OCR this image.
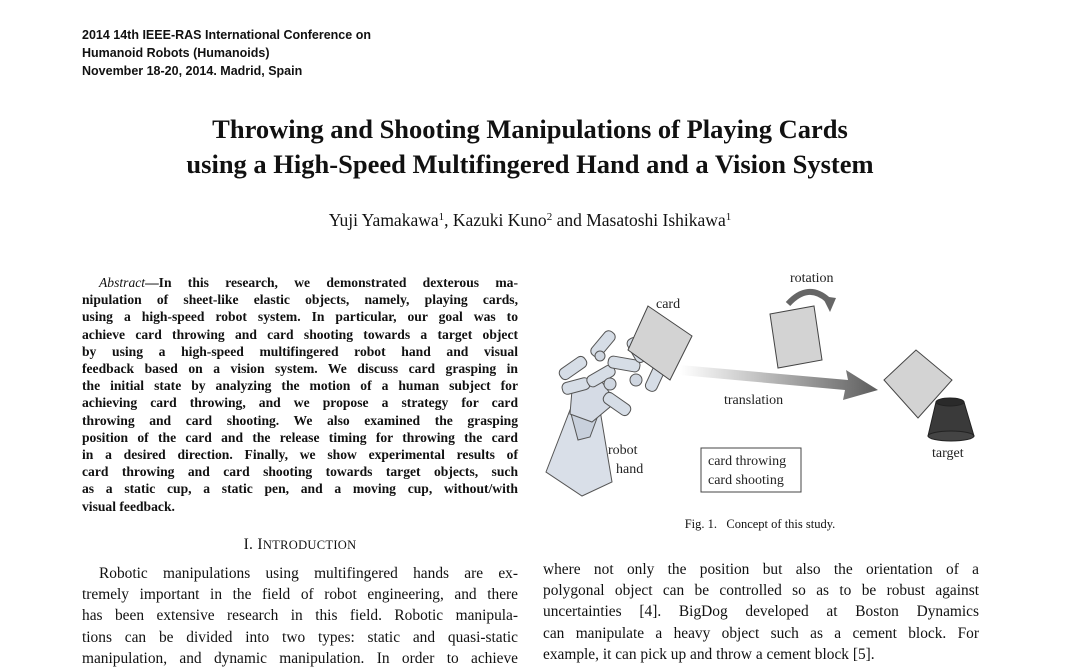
2014 14th IEEE-RAS International Conference on
Humanoid Robots (Humanoids)
November 18-20, 2014. Madrid, Spain
Throwing and Shooting Manipulations of Playing Cards
using a High-Speed Multifingered Hand and a Vision System
Yuji Yamakawa$^1$, Kazuki Kuno$^2$ and Masatoshi Ishikawa$^1$
Abstract—In this research, we demonstrated dexterous ma-
nipulation of sheet-like elastic objects, namely, playing cards,
using a high-speed robot system. In particular, our goal was to
achieve card throwing and card shooting towards a target object
by using a high-speed multifingered robot hand and visual
feedback based on a vision system. We discuss card grasping in
the initial state by analyzing the motion of a human subject for
achieving card throwing, and we propose a strategy for card
throwing and card shooting. We also examined the grasping
position of the card and the release timing for throwing the card
in a desired direction. Finally, we show experimental results of
card throwing and card shooting towards target objects, such
as a static cup, a static pen, and a moving cup, without/with
visual feedback.
I. INTRODUCTION
Robotic manipulations using multifingered hands are ex-
tremely important in the field of robot engineering, and there
has been extensive research in this field. Robotic manipula-
tions can be divided into two types: static and quasi-static
manipulation, and dynamic manipulation. In order to achieve
where not only the position but also the orientation of a
polygonal object can be controlled so as to be robust against
uncertainties [4]. BigDog developed at Boston Dynamics
can manipulate a heavy object such as a cement block. For
example, it can pick up and throw a cement block [5].
card
rotation
translation
robot
hand
target
card throwing
card shooting
Fig. 1.   Concept of this study.
